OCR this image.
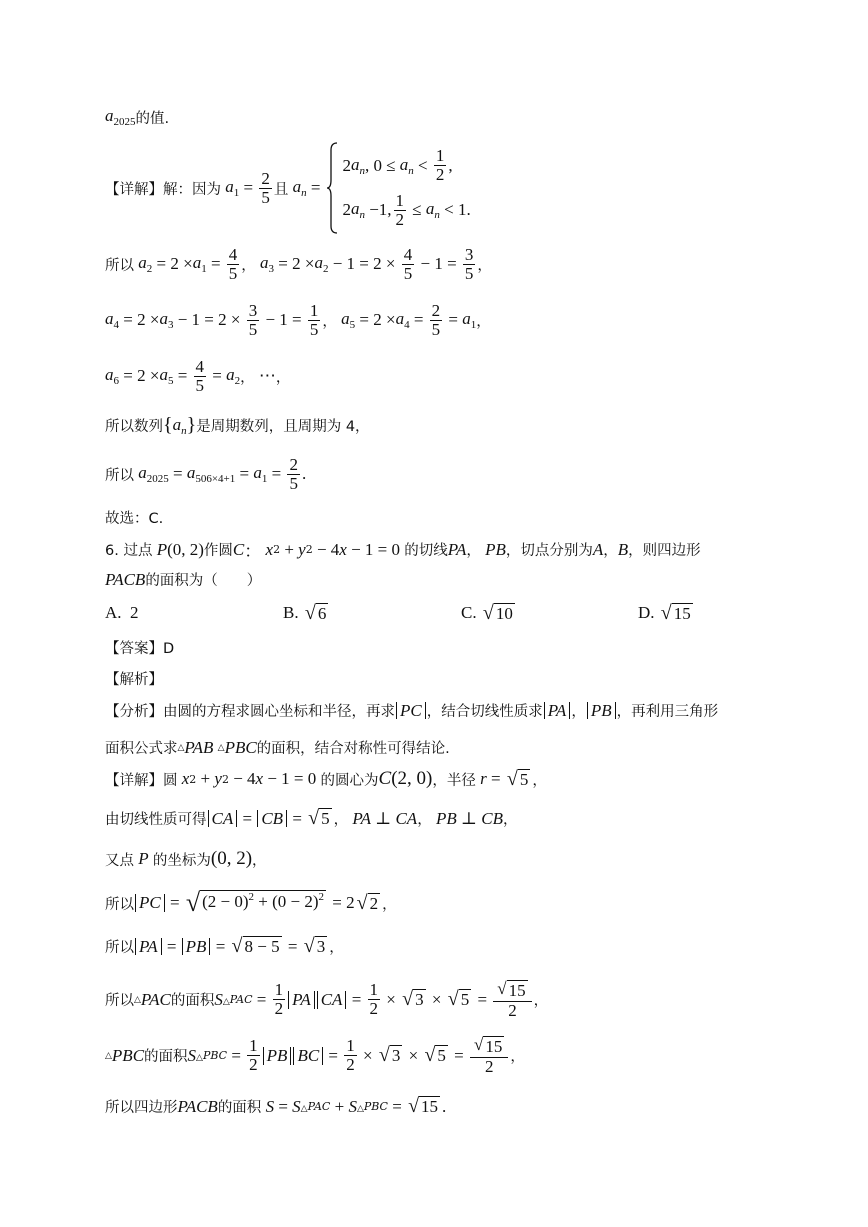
$a_{2025}$ 的值.
【详解】 解：因为 $a_1 = \frac{2}{5}$ 且 $a_n$ =
2 $a_n$ , $0 \le a_n < \frac{1}{2}$ ,
2 $a_n -1$, $\frac{1}{2} \le a_n < 1$.
所以 $a_2 = 2 \times a_1 = \frac{4}{5}$ ， $a_3 = 2 \times a_2 - 1 = 2 \times \frac{4}{5} - 1 = \frac{3}{5}$ ，
$a_4 = 2 \times a_3 - 1 = 2 \times \frac{3}{5} - 1 = \frac{1}{5}$ ， $a_5 = 2 \times a_4 = \frac{2}{5} = a_1$ ，
$a_6 = 2 \times a_5 = \frac{4}{5} = a_2$ ，
⋯ ，
所以数列 { $a_n$ } 是周期数列，且周期为 4，
所以 $a_{2025} = a_{506\times 4+1} = a_1 = \frac{2}{5}$ .
故选：C.
6. 过点 P (0, 2) 作圆 C ： x 2 + y 2 − 4 x − 1 = 0 的切线 PA ， PB ，切点分别为 A ， B ，则四边形
PACB 的面积为（　　）
A.
2	B.
√ 6	C.
√ 10	D.
√ 15
【答案】D
【解析】
【分析】 由圆的方程求圆心坐标和半径，再求 PC ，结合切线性质求 PA ， PB ，再利用三角形
面积公式求 △ PAB
△ PBC 的面积，结合对称性可得结论.
【详解】 圆 x 2 + y 2 − 4 x − 1 = 0 的圆心为 C (2, 0) ，半径 r = √ 5 ，
由切线性质可得 CA = CB = √ 5 ， PA ⊥ CA ， PB ⊥ CB ，
又点 P 的坐标为 (0, 2) ，
所以 PC = √ $(2 - 0)^2 + (0 - 2)^2 = 2$ √ 2 ，
所以 PA = PB = √ 8 − 5 = √ 3 ，
所以 △ PAC 的面积 S △PAC = $\frac{1}{2}$ PA CA = $\frac{1}{2}$ × √ 3 × √ $5 = \frac{√ 15}{2}$ ，
△ PBC 的面积 S △PBC = $\frac{1}{2}$ PB BC = $\frac{1}{2}$ × √ 3 × √ $5 = \frac{√ 15}{2}$ ，
所以四边形 PACB 的面积 S = S △PAC + S △PBC = √ 15 .
